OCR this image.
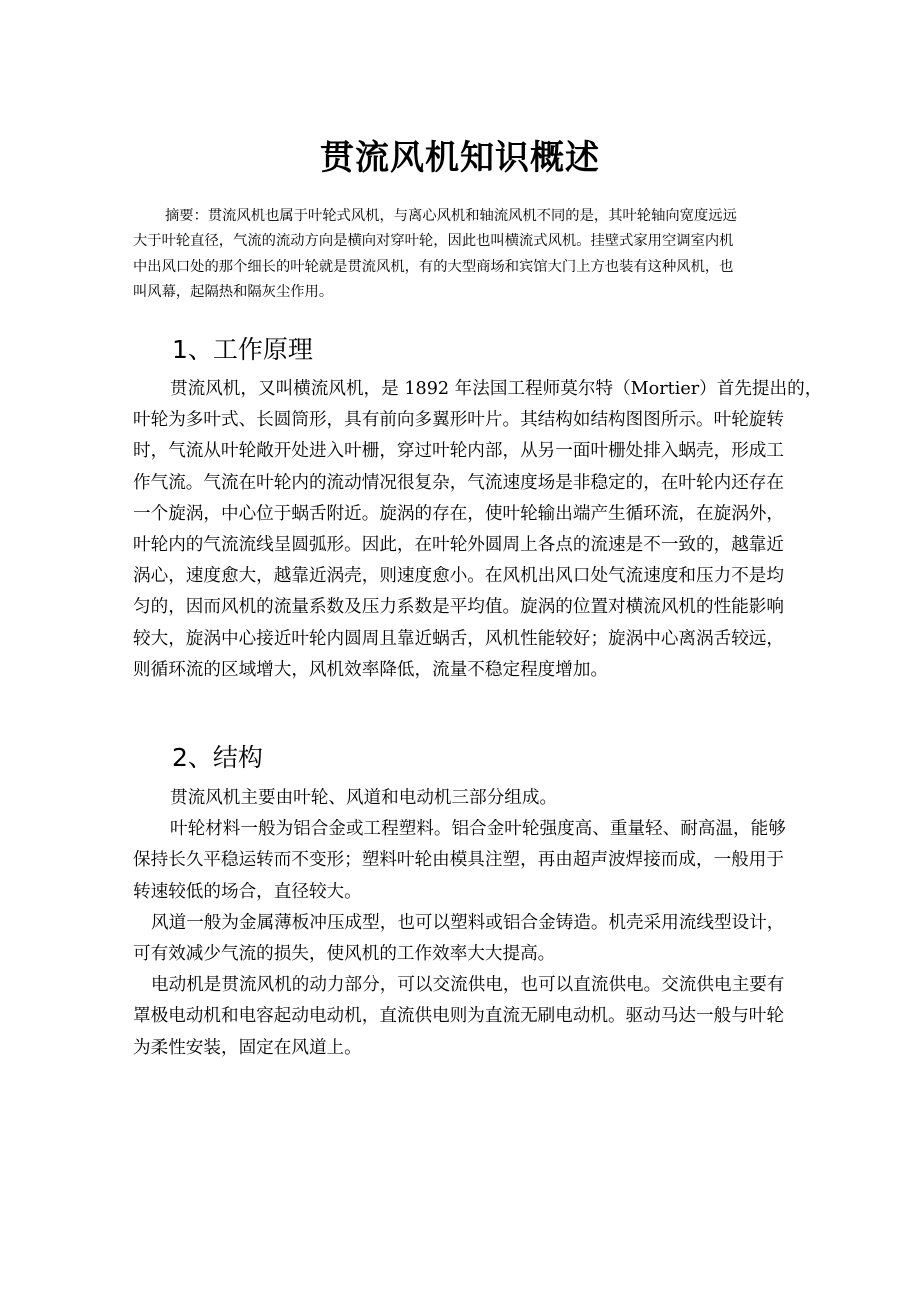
贯流风机知识概述
摘要：贯流风机也属于叶轮式风机，与离心风机和轴流风机不同的是，其叶轮轴向宽度远远
大于叶轮直径，气流的流动方向是横向对穿叶轮，因此也叫横流式风机。挂壁式家用空调室内机
中出风口处的那个细长的叶轮就是贯流风机，有的大型商场和宾馆大门上方也装有这种风机，也
叫风幕，起隔热和隔灰尘作用。
1、工作原理
贯流风机，又叫横流风机，是 1892 年法国工程师莫尔特（Mortier）首先提出的，
叶轮为多叶式、长圆筒形，具有前向多翼形叶片。其结构如结构图图所示。叶轮旋转
时，气流从叶轮敞开处进入叶栅，穿过叶轮内部，从另一面叶栅处排入蜗壳，形成工
作气流。气流在叶轮内的流动情况很复杂，气流速度场是非稳定的，在叶轮内还存在
一个旋涡，中心位于蜗舌附近。旋涡的存在，使叶轮输出端产生循环流，在旋涡外，
叶轮内的气流流线呈圆弧形。因此，在叶轮外圆周上各点的流速是不一致的，越靠近
涡心，速度愈大，越靠近涡壳，则速度愈小。在风机出风口处气流速度和压力不是均
匀的，因而风机的流量系数及压力系数是平均值。旋涡的位置对横流风机的性能影响
较大，旋涡中心接近叶轮内圆周且靠近蜗舌，风机性能较好；旋涡中心离涡舌较远，
则循环流的区域增大，风机效率降低，流量不稳定程度增加。
2、结构
贯流风机主要由叶轮、风道和电动机三部分组成。
叶轮材料一般为铝合金或工程塑料。铝合金叶轮强度高、重量轻、耐高温，能够
保持长久平稳运转而不变形；塑料叶轮由模具注塑，再由超声波焊接而成，一般用于
转速较低的场合，直径较大。
风道一般为金属薄板冲压成型，也可以塑料或铝合金铸造。机壳采用流线型设计，
可有效减少气流的损失，使风机的工作效率大大提高。
电动机是贯流风机的动力部分，可以交流供电，也可以直流供电。交流供电主要有
罩极电动机和电容起动电动机，直流供电则为直流无刷电动机。驱动马达一般与叶轮
为柔性安装，固定在风道上。
